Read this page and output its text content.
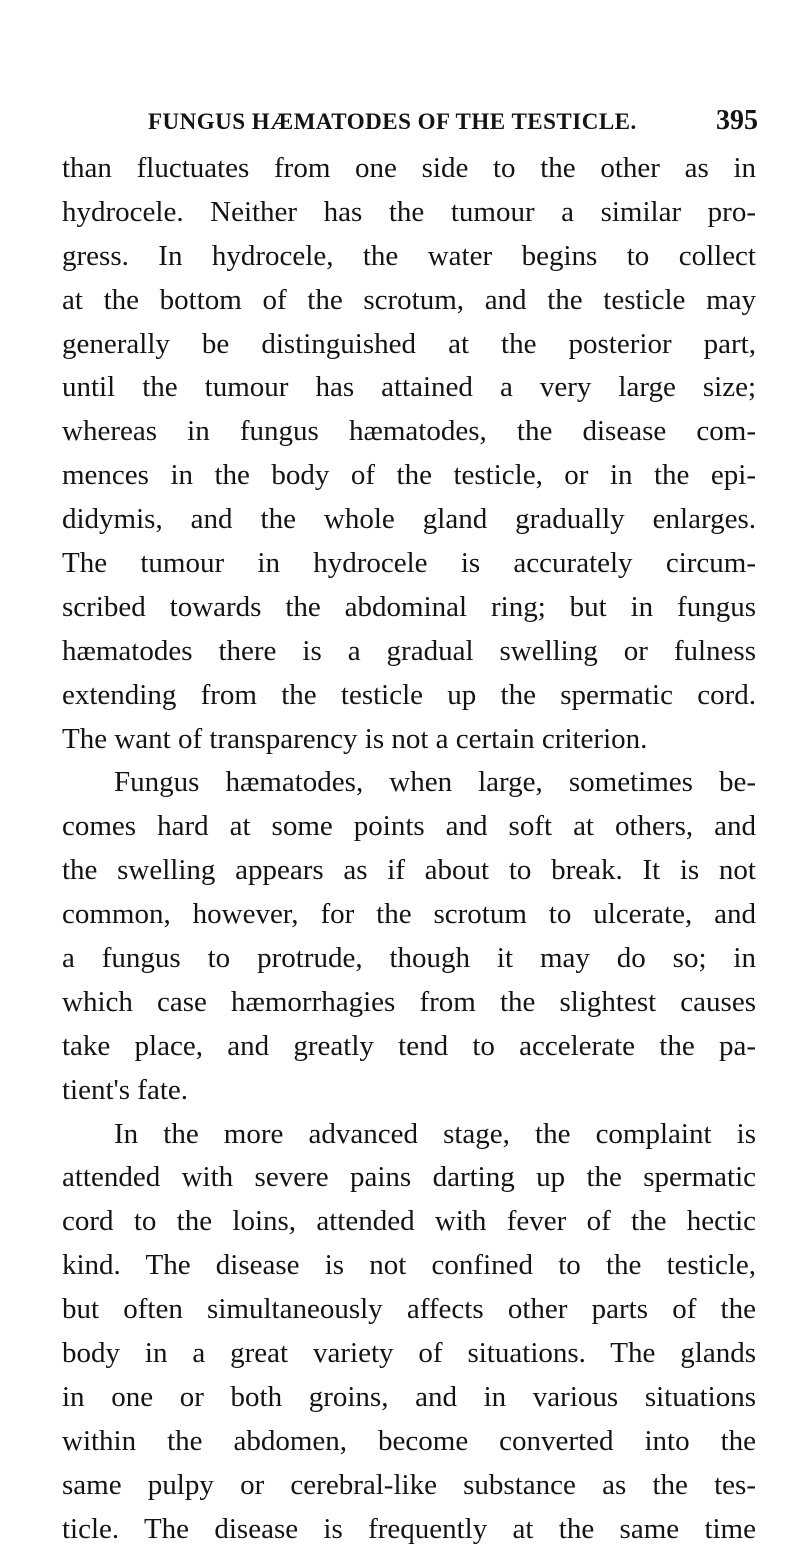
FUNGUS HÆMATODES OF THE TESTICLE.	395
than fluctuates from one side to the other as in
hydrocele. Neither has the tumour a similar pro-
gress. In hydrocele, the water begins to collect
at the bottom of the scrotum, and the testicle may
generally be distinguished at the posterior part,
until the tumour has attained a very large size;
whereas in fungus hæmatodes, the disease com-
mences in the body of the testicle, or in the epi-
didymis, and the whole gland gradually enlarges.
The tumour in hydrocele is accurately circum-
scribed towards the abdominal ring; but in fungus
hæmatodes there is a gradual swelling or fulness
extending from the testicle up the spermatic cord.
The want of transparency is not a certain criterion.
Fungus hæmatodes, when large, sometimes be-
comes hard at some points and soft at others, and
the swelling appears as if about to break. It is not
common, however, for the scrotum to ulcerate, and
a fungus to protrude, though it may do so; in
which case hæmorrhagies from the slightest causes
take place, and greatly tend to accelerate the pa-
tient's fate.
In the more advanced stage, the complaint is
attended with severe pains darting up the spermatic
cord to the loins, attended with fever of the hectic
kind. The disease is not confined to the testicle,
but often simultaneously affects other parts of the
body in a great variety of situations. The glands
in one or both groins, and in various situations
within the abdomen, become converted into the
same pulpy or cerebral-like substance as the tes-
ticle. The disease is frequently at the same time
